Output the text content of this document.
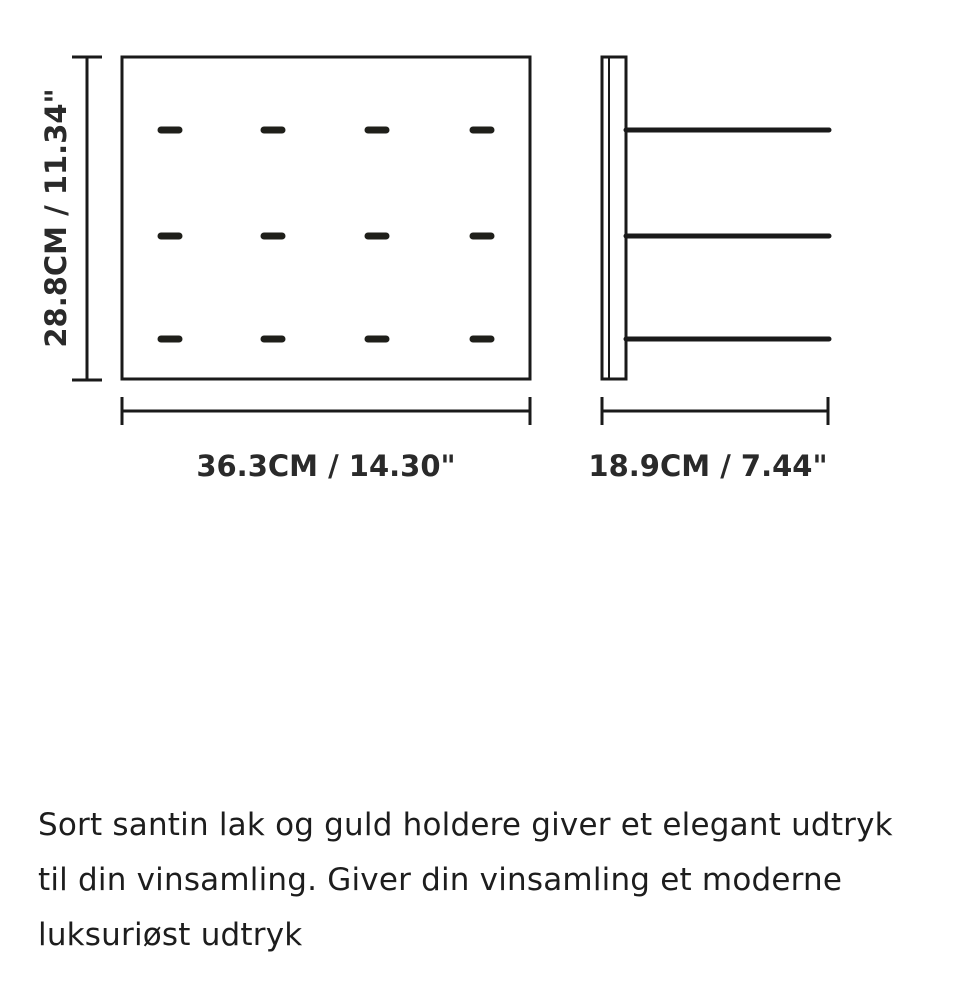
28.8CM / 11.34"
36.3CM / 14.30"	18.9CM / 7.44"

Sort santin lak og guld holdere giver et elegant udtryk til din vinsamling. Giver din vinsamling et moderne luksuriøst udtryk
